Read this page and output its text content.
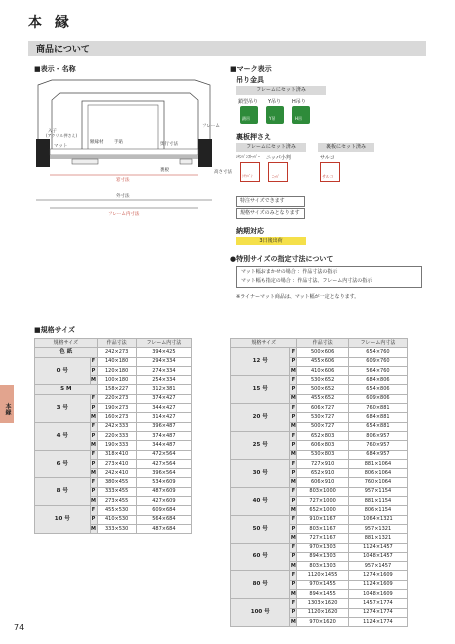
本 縁
商品について
■表示・名称
入子
(アクリル押さえ)
額縁材
マット
手貼
フレーム
奥行寸法
裏板
窓寸法
外寸法
フレーム内寸法
高さ寸法
■マーク表示
吊り金具
フレームにセット済み
鎖型吊り Y吊り H吊り
鎖吊	Y吊	H吊
裏板押さえ
フレームにセット済み	裏板にセット済み
ｼﾔﾝﾊﾟﾝｽﾄｯﾊﾟｰ ニッパ小判	サルコ
ｼﾔﾝﾊﾟﾝ	ﾆｯﾊﾟ	サルコ
特注サイズできます
規格サイズのみとなります
納期対応
3日後出荷
●特別サイズの指定寸法について
マット幅おまかせの場合 ：作品寸法の指示
マット幅も指定の場合 ：作品寸法、フレーム内寸法の指示
※ライナーマット商品は、マット幅が一定となります。
■規格サイズ
規格サイズ		作品寸法	フレーム内寸法
色 紙		242×273	394×425
0 号	F	140×180	294×334
	P	120×180	274×334
	M	100×180	254×334
S M		158×227	312×381
3 号	F	220×273	374×427
	P	190×273	344×427
	M	160×273	314×427
4 号	F	242×333	396×487
	P	220×333	374×487
	M	190×333	344×487
6 号	F	318×410	472×564
	P	273×410	427×564
	M	242×410	396×564
8 号	F	380×455	534×609
	P	333×455	487×609
	M	273×455	427×609
10 号	F	455×530	609×684
	P	410×530	564×684
	M	333×530	487×684
規格サイズ		作品寸法	フレーム内寸法
12 号	F	500×606	654×760
	P	455×606	609×760
	M	410×606	564×760
15 号	F	530×652	684×806
	P	500×652	654×806
	M	455×652	609×806
20 号	F	606×727	760×881
	P	530×727	684×881
	M	500×727	654×881
25 号	F	652×803	806×957
	P	606×803	760×957
	M	530×803	684×957
30 号	F	727×910	881×1064
	P	652×910	806×1064
	M	606×910	760×1064
40 号	F	803×1000	957×1154
	P	727×1000	881×1154
	M	652×1000	806×1154
50 号	F	910×1167	1064×1321
	P	803×1167	957×1321
	M	727×1167	881×1321
60 号	F	970×1303	1124×1457
	P	894×1303	1048×1457
	M	803×1303	957×1457
80 号	F	1120×1455	1274×1609
	P	970×1455	1124×1609
	M	894×1455	1048×1609
100 号	F	1303×1620	1457×1774
	P	1120×1620	1274×1774
	M	970×1620	1124×1774
本縁
74
